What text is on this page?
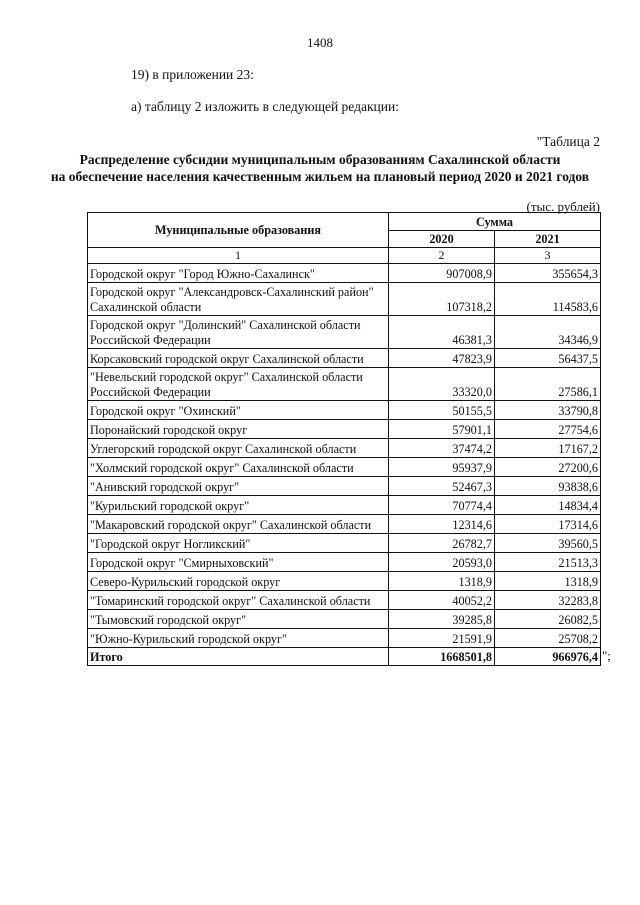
1408
19) в приложении 23:
а) таблицу 2 изложить в следующей редакции:
"Таблица 2
Распределение субсидии муниципальным образованиям Сахалинской области
на обеспечение населения качественным жильем на плановый период 2020 и 2021 годов
(тыс. рублей)
Муниципальные образования	Сумма	
	2020	2021
1	2	3
Городской округ "Город Южно-Сахалинск"	907008,9	355654,3
Городской округ "Александровск-Сахалинский район" Сахалинской области	107318,2	114583,6
Городской округ "Долинский" Сахалинской области Российской Федерации	46381,3	34346,9
Корсаковский городской округ Сахалинской области	47823,9	56437,5
"Невельский городской округ" Сахалинской области Российской Федерации	33320,0	27586,1
Городской округ "Охинский"	50155,5	33790,8
Поронайский городской округ	57901,1	27754,6
Углегорский городской округ Сахалинской области	37474,2	17167,2
"Холмский городской округ" Сахалинской области	95937,9	27200,6
"Анивский городской округ"	52467,3	93838,6
"Курильский городской округ"	70774,4	14834,4
"Макаровский городской округ" Сахалинской области	12314,6	17314,6
"Городской округ Ногликский"	26782,7	39560,5
Городской округ "Смирныховский"	20593,0	21513,3
Северо-Курильский городской округ	1318,9	1318,9
"Томаринский городской округ" Сахалинской области	40052,2	32283,8
"Тымовский городской округ"	39285,8	26082,5
"Южно-Курильский городской округ"	21591,9	25708,2
Итого	1668501,8	966976,4 ";
